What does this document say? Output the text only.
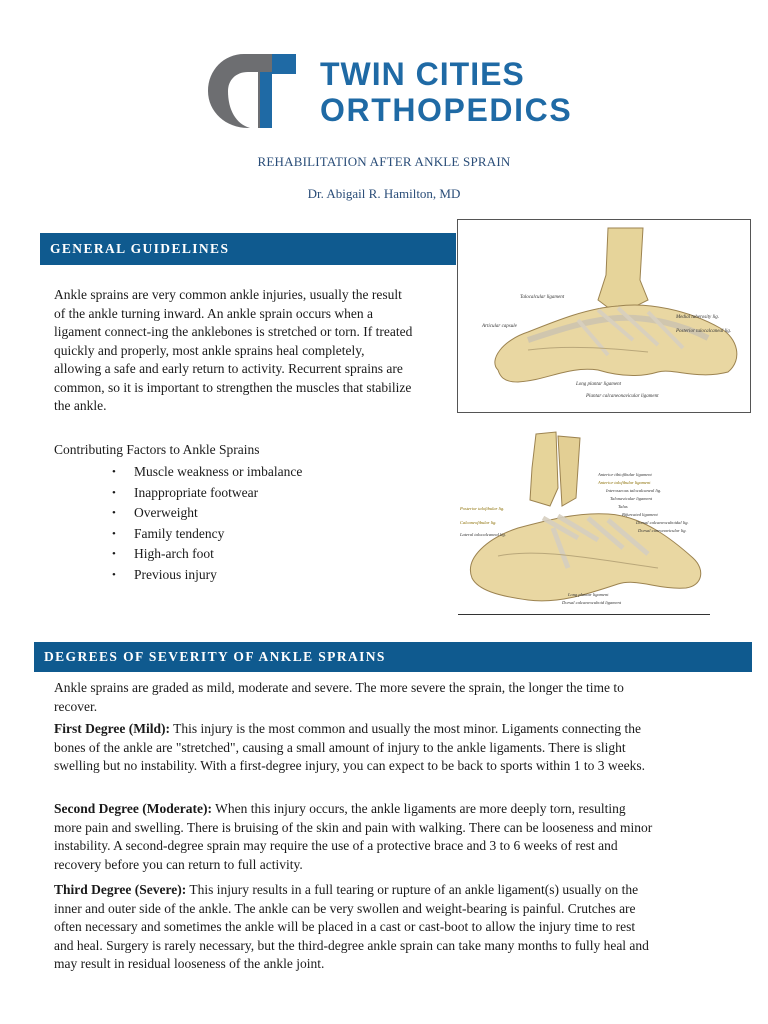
TWIN CITIES
ORTHOPEDICS
REHABILITATION AFTER ANKLE SPRAIN
Dr. Abigail R. Hamilton, MD
GENERAL GUIDELINES
Ankle sprains are very common ankle injuries, usually the result of the ankle turning inward. An ankle sprain occurs when a ligament connect-ing the anklebones is stretched or torn. If treated quickly and properly, most ankle sprains heal completely, allowing a safe and early return to activity. Recurrent sprains are common, so it is important to strengthen the muscles that stabilize the ankle.
Contributing Factors to Ankle Sprains
• Muscle weakness or imbalance
• Inappropriate footwear
• Overweight
• Family tendency
• High-arch foot
• Previous injury
Talocalcular ligament
Articular capsule
Medial tuberosity lig.
Posterior talocalcaneal lig.
Long plantar ligament
Plantar calcaneonavicular ligament
Anterior tibiofibular ligament
Anterior talofibular ligament
Interosseous talocalcaneal lig.
Talonavicular ligament
Talus
Bifurcated ligament
Posterior talofibular lig.
Calcaneofibular lig.
Lateral talocalcaneal lig.
Dorsal calcaneocuboidal lig.
Dorsal cuneonavicular lig.
Long plantar ligament
Dorsal calcaneocuboid ligament
DEGREES OF SEVERITY OF ANKLE SPRAINS
Ankle sprains are graded as mild, moderate and severe. The more severe the sprain, the longer the time to recover.
First Degree (Mild): This injury is the most common and usually the most minor. Ligaments connecting the bones of the ankle are "stretched", causing a small amount of injury to the ankle ligaments. There is slight swelling but no instability. With a first-degree injury, you can expect to be back to sports within 1 to 3 weeks.
Second Degree (Moderate): When this injury occurs, the ankle ligaments are more deeply torn, resulting more pain and swelling. There is bruising of the skin and pain with walking. There can be looseness and minor instability. A second-degree sprain may require the use of a protective brace and 3 to 6 weeks of rest and recovery before you can return to full activity.
Third Degree (Severe): This injury results in a full tearing or rupture of an ankle ligament(s) usually on the inner and outer side of the ankle. The ankle can be very swollen and weight-bearing is painful. Crutches are often necessary and sometimes the ankle will be placed in a cast or cast-boot to allow the injury time to rest and heal. Surgery is rarely necessary, but the third-degree ankle sprain can take many months to fully heal and may result in residual looseness of the ankle joint.
